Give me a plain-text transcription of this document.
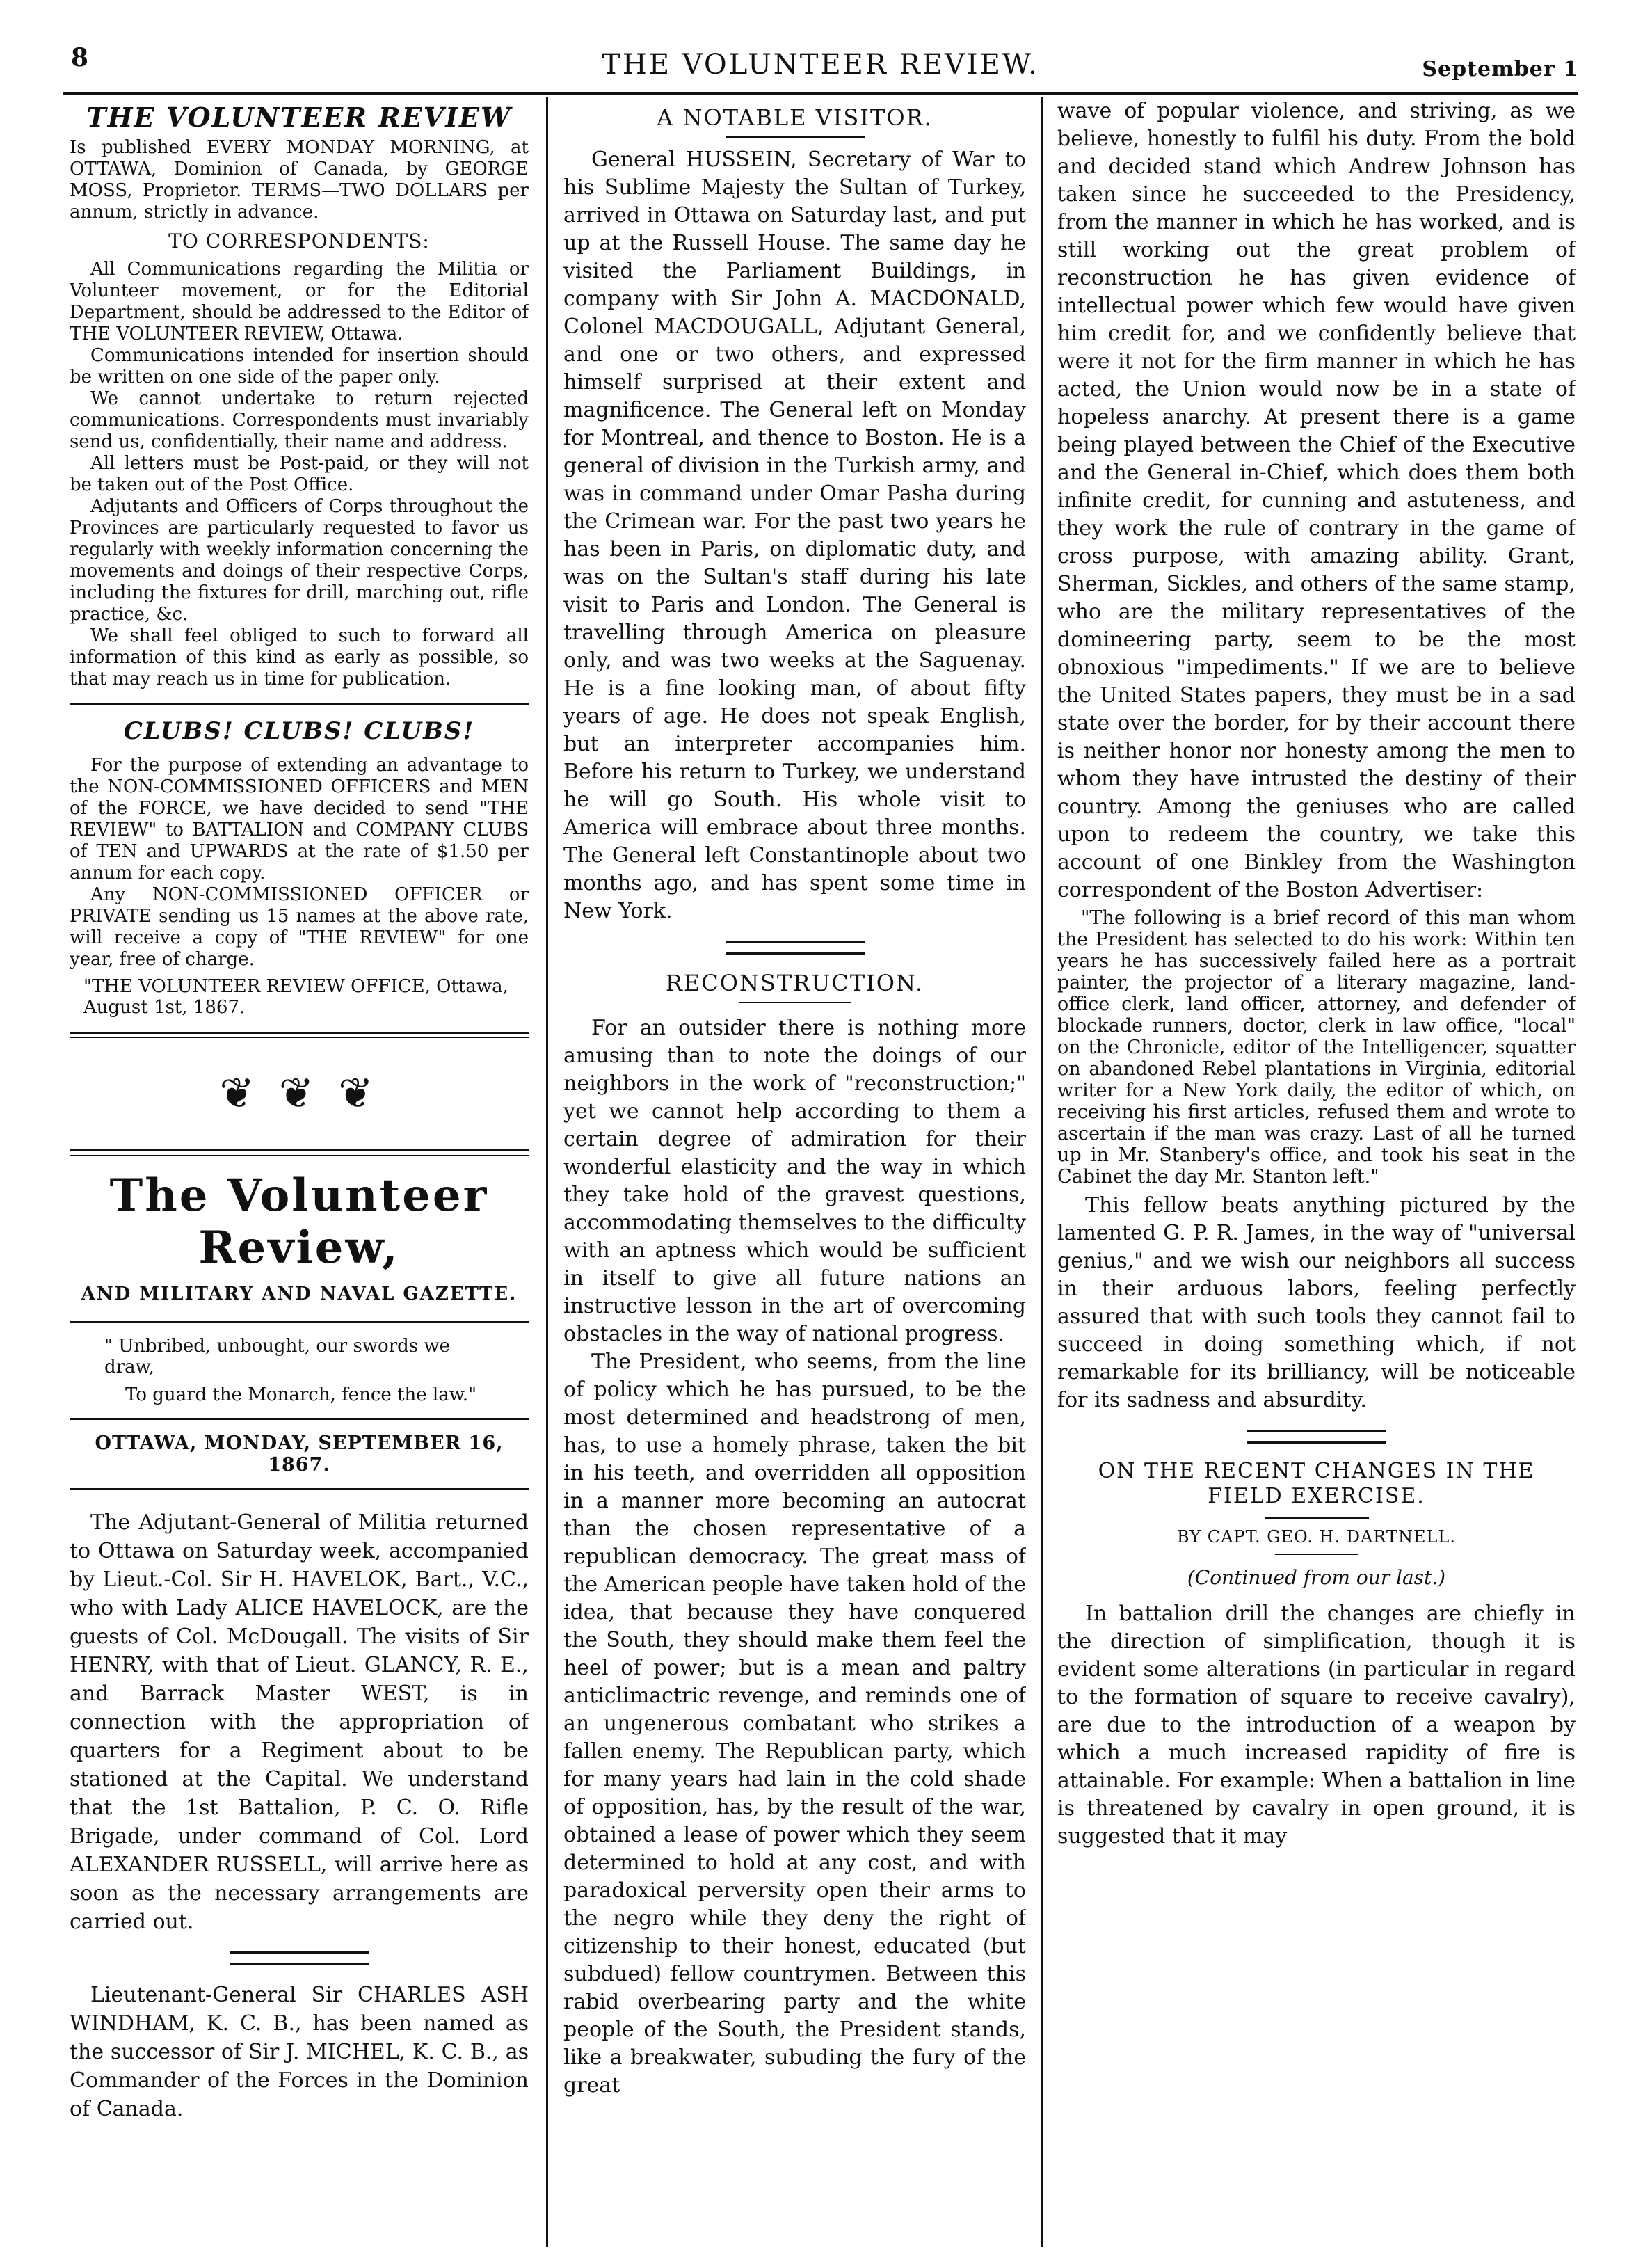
8	THE VOLUNTEER REVIEW.	September 1
THE VOLUNTEER REVIEW

Is published EVERY MONDAY MORNING, at OTTAWA, Dominion of Canada, by GEORGE MOSS, Proprietor. TERMS—TWO DOLLARS per annum, strictly in advance.

TO CORRESPONDENTS:

All Communications regarding the Militia or Volunteer movement, or for the Editorial Department, should be addressed to the Editor of THE VOLUNTEER REVIEW, Ottawa.

Communications intended for insertion should be written on one side of the paper only.

We cannot undertake to return rejected communications. Correspondents must invariably send us, confidentially, their name and address.

All letters must be Post-paid, or they will not be taken out of the Post Office.

Adjutants and Officers of Corps throughout the Provinces are particularly requested to favor us regularly with weekly information concerning the movements and doings of their respective Corps, including the fixtures for drill, marching out, rifle practice, &c.

We shall feel obliged to such to forward all information of this kind as early as possible, so that may reach us in time for publication.

CLUBS! CLUBS! CLUBS!

For the purpose of extending an advantage to the NON-COMMISSIONED OFFICERS and MEN of the FORCE, we have decided to send "THE REVIEW" to BATTALION and COMPANY CLUBS of TEN and UPWARDS at the rate of $1.50 per annum for each copy.

Any NON-COMMISSIONED OFFICER or PRIVATE sending us 15 names at the above rate, will receive a copy of "THE REVIEW" for one year, free of charge.

"THE VOLUNTEER REVIEW OFFICE, Ottawa, August 1st, 1867.
❦ ❦ ❦
The Volunteer Review,
AND MILITARY AND NAVAL GAZETTE.
" Unbribed, unbought, our swords we draw,
To guard the Monarch, fence the law."
OTTAWA, MONDAY, SEPTEMBER 16, 1867.

The Adjutant-General of Militia returned to Ottawa on Saturday week, accompanied by Lieut.-Col. Sir H. HAVELOK, Bart., V.C., who with Lady ALICE HAVELOCK, are the guests of Col. McDougall. The visits of Sir HENRY, with that of Lieut. GLANCY, R. E., and Barrack Master WEST, is in connection with the appropriation of quarters for a Regiment about to be stationed at the Capital. We understand that the 1st Battalion, P. C. O. Rifle Brigade, under command of Col. Lord ALEXANDER RUSSELL, will arrive here as soon as the necessary arrangements are carried out.

Lieutenant-General Sir CHARLES ASH WINDHAM, K. C. B., has been named as the successor of Sir J. MICHEL, K. C. B., as Commander of the Forces in the Dominion of Canada.

A NOTABLE VISITOR.

General HUSSEIN, Secretary of War to his Sublime Majesty the Sultan of Turkey, arrived in Ottawa on Saturday last, and put up at the Russell House. The same day he visited the Parliament Buildings, in company with Sir John A. MACDONALD, Colonel MACDOUGALL, Adjutant General, and one or two others, and expressed himself surprised at their extent and magnificence. The General left on Monday for Montreal, and thence to Boston. He is a general of division in the Turkish army, and was in command under Omar Pasha during the Crimean war. For the past two years he has been in Paris, on diplomatic duty, and was on the Sultan's staff during his late visit to Paris and London. The General is travelling through America on pleasure only, and was two weeks at the Saguenay. He is a fine looking man, of about fifty years of age. He does not speak English, but an interpreter accompanies him. Before his return to Turkey, we understand he will go South. His whole visit to America will embrace about three months. The General left Constantinople about two months ago, and has spent some time in New York.

RECONSTRUCTION.

For an outsider there is nothing more amusing than to note the doings of our neighbors in the work of "reconstruction;" yet we cannot help according to them a certain degree of admiration for their wonderful elasticity and the way in which they take hold of the gravest questions, accommodating themselves to the difficulty with an aptness which would be sufficient in itself to give all future nations an instructive lesson in the art of overcoming obstacles in the way of national progress.

The President, who seems, from the line of policy which he has pursued, to be the most determined and headstrong of men, has, to use a homely phrase, taken the bit in his teeth, and overridden all opposition in a manner more becoming an autocrat than the chosen representative of a republican democracy. The great mass of the American people have taken hold of the idea, that because they have conquered the South, they should make them feel the heel of power; but is a mean and paltry anticlimactric revenge, and reminds one of an ungenerous combatant who strikes a fallen enemy. The Republican party, which for many years had lain in the cold shade of opposition, has, by the result of the war, obtained a lease of power which they seem determined to hold at any cost, and with paradoxical perversity open their arms to the negro while they deny the right of citizenship to their honest, educated (but subdued) fellow countrymen. Between this rabid overbearing party and the white people of the South, the President stands, like a breakwater, subuding the fury of the great

wave of popular violence, and striving, as we believe, honestly to fulfil his duty. From the bold and decided stand which Andrew Johnson has taken since he succeeded to the Presidency, from the manner in which he has worked, and is still working out the great problem of reconstruction he has given evidence of intellectual power which few would have given him credit for, and we confidently believe that were it not for the firm manner in which he has acted, the Union would now be in a state of hopeless anarchy. At present there is a game being played between the Chief of the Executive and the General in-Chief, which does them both infinite credit, for cunning and astuteness, and they work the rule of contrary in the game of cross purpose, with amazing ability. Grant, Sherman, Sickles, and others of the same stamp, who are the military representatives of the domineering party, seem to be the most obnoxious "impediments." If we are to believe the United States papers, they must be in a sad state over the border, for by their account there is neither honor nor honesty among the men to whom they have intrusted the destiny of their country. Among the geniuses who are called upon to redeem the country, we take this account of one Binkley from the Washington correspondent of the Boston Advertiser:

"The following is a brief record of this man whom the President has selected to do his work: Within ten years he has successively failed here as a portrait painter, the projector of a literary magazine, land-office clerk, land officer, attorney, and defender of blockade runners, doctor, clerk in law office, "local" on the Chronicle, editor of the Intelligencer, squatter on abandoned Rebel plantations in Virginia, editorial writer for a New York daily, the editor of which, on receiving his first articles, refused them and wrote to ascertain if the man was crazy. Last of all he turned up in Mr. Stanbery's office, and took his seat in the Cabinet the day Mr. Stanton left."

This fellow beats anything pictured by the lamented G. P. R. James, in the way of "universal genius," and we wish our neighbors all success in their arduous labors, feeling perfectly assured that with such tools they cannot fail to succeed in doing something which, if not remarkable for its brilliancy, will be noticeable for its sadness and absurdity.

ON THE RECENT CHANGES IN THE FIELD EXERCISE.
BY CAPT. GEO. H. DARTNELL.
(Continued from our last.)

In battalion drill the changes are chiefly in the direction of simplification, though it is evident some alterations (in particular in regard to the formation of square to receive cavalry), are due to the introduction of a weapon by which a much increased rapidity of fire is attainable. For example: When a battalion in line is threatened by cavalry in open ground, it is suggested that it may
